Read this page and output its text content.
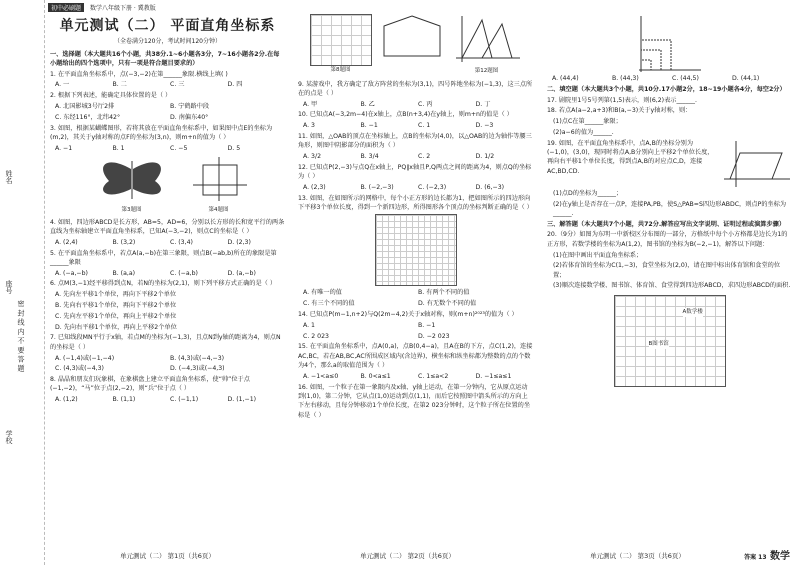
初中必刷题	数学八年级下册 · 冀教版
姓名
座号
密 封 线 内 不 要 答 题
学校
单元测试（二） 平面直角坐标系
（全卷满分120分，考试时间120分钟）

一、选择题（本大题共16个小题，共38分.1~6小题各3分，7~16小题各2分.在每小题给出的四个选项中，只有一项是符合题目要求的）

1. 在平面直角坐标系中，点(−3,−2)在第______象限.横线上填( )

A. 一	B. 二	C. 三	D. 四

2. 根据下列表述，能确定具体位置的是（ ）

A. 北国影城3号厅2排	B. 宁鹤路中段
C. 东经116°，北纬42°	D. 南偏东40°

3. 如图，根据某蝴蝶图形，若将其放在平面直角坐标系中，如果图中点E的坐标为(m,2)，其关于y轴对称的点F的坐标为(3,n)，则m+n的值为（ ）

A. −1	B. 1	C. −5	D. 5
第3题图	第4题图

4. 如图，四边形ABCD是长方形，AB=5，AD=6，分别以长方形的长和宽平行的两条直线为坐标轴建立平面直角坐标系，已知A(−3,−2)，则点C的坐标是（ ）

A. (2,4)	B. (3,2)	C. (3,4)	D. (2,3)

5. 在平面直角坐标系中，若点A(a,−b)在第三象限，则点B(−ab,b)所在的象限是第______象限

A. (−a,−b)	B. (a,a)	C. (−a,b)	D. (a,−b)

6. 点M(3,−1)经平移得到点N，若N的坐标为(2,1)，则下列平移方式正确的是（ ）

A. 先向左平移1个单位，再向下平移2个单位

B. 先向右平移1个单位，再向下平移2个单位

C. 先向左平移1个单位，再向上平移2个单位

D. 先向右平移1个单位，再向上平移2个单位

7. 已知线段MN平行于x轴，若点M的坐标为(−1,3)，且点N到y轴的距离为4，则点N的坐标是（ ）

A. (−1,4)或(−1,−4)	B. (4,3)或(−4,−3)
C. (4,3)或(−4,3)	D. (−4,3)或(−4,3)

8. 晶晶和朋友们玩象棋，在象棋盘上建立平面直角坐标系，使“帅”位于点(−1,−2)，“马”位于点(2,−2)，则“兵”位于点（ ）

A. (1,2)	B. (1,1)	C. (−1,1)	D. (1,−1)
第8题图	第12题图

9. 某游戏中，我方确定了敌方阵营的坐标为(3,1)，四号阵地坐标为(−1,3)，这三点所在的点是（ ）

A. 甲	B. 乙	C. 丙	D. 丁

10. 已知点A(−3,2m−4)在x轴上，点B(n+3,4)在y轴上，则m+n的值是（ ）

A. 3	B. −1	C. 1	D. −3

11. 如图，△OAB的顶点在坐标轴上，点B的坐标为(4,0)，以△OAB的边为轴作等腰三角形，则图中阴影部分的面积为（ ）

A. 3/2	B. 3/4	C. 2	D. 1/2

12. 已知点P(2,−3)与点Q在x轴上，PQ∥x轴且P,Q两点之间的距离为4，则点Q的坐标为（ ）

A. (2,3)	B. (−2,−3)	C. (−2,3)	D. (6,−3)

13. 如图，在如图所示的网格中，每个小正方形的边长都为1，把如图所示的四边形向下平移3个单位长度，得到一个新四边形，所得图形各个顶点的坐标判断正确的是（ ）

A. 有唯一的值	B. 有两个不同的值
C. 有三个不同的值	D. 有无数个不同的值

14. 已知点P(m−1,n+2)与Q(2m−4,2)关于x轴对称，则(m+n)²⁰²³的值为（ ）

A. 1	B. −1
C. 2 023	D. −2 023

15. 在平面直角坐标系中，点A(0,a)，点B(0,4−a)，且A在B的下方，点C(1,2)，连接AC,BC，若在AB,BC,AC所围成区域内(含边界)，横坐标和纵坐标都为整数的点的个数为4个，那么a的取值范围为（ ）

A. −1<a≤0	B. 0<a≤1	C. 1≤a<2	D. −1≤a≤1

16. 如图，一个粒子在第一象限内及x轴、y轴上运动，在第一分钟内，它从原点运动到(1,0)，第二分钟，它从点(1,0)运动到点(1,1)，而后它按照图中箭头所示的方向上下左右移动，且每分钟移动1个单位长度，在第2 023分钟时，这个粒子所在位置的坐标是（ ）

A. (44,4)	B. (44,3)	C. (44,5)	D. (44,1)

二、填空题（本大题共3个小题，共10分.17小题2分，18~19小题各4分，每空2分）

17. 剧院里1号5号列第(1,5)表示，则(6,2)表示______.

18. 若点A(a−2,a+3)和B(a,−3)关于y轴对称，则：

(1)点C在第______象限；

(2)a−6的值为______.

19. 如图，在平面直角坐标系中，点A,B的坐标分别为(−1,0)，(3,0)，现同时将点A,B分别向上平移2个单位长度，再向右平移1个单位长度，得到点A,B的对应点C,D，连接AC,BD,CD.

(1)点D的坐标为______；

(2)在y轴上是否存在一点P，连接PA,PB，使S△PAB=S四边形ABDC，则点P的坐标为______.

三、解答题（本大题共7个小题，共72分.解答应写出文字说明、证明过程或演算步骤）

20.（9分）如图为东明一中新校区分布图的一部分，方格纸中每个小方格都是边长为1的正方形，若数学楼的坐标为A(1,2)，图书馆的坐标为B(−2,−1)，解答以下问题：

(1)在图中画出平面直角坐标系；

(2)若体育馆的坐标为C(1,−3)，食堂坐标为(2,0)，请在图中标出体育馆和食堂的位置；

(3)顺次连接数学楼、图书馆、体育馆、食堂得到四边形ABCD，求四边形ABCD的面积.

A数学楼
B图书馆
单元测试（二） 第1页（共6页）	单元测试（二） 第2页（共6页）	单元测试（二） 第3页（共6页）	答案 13 数学
